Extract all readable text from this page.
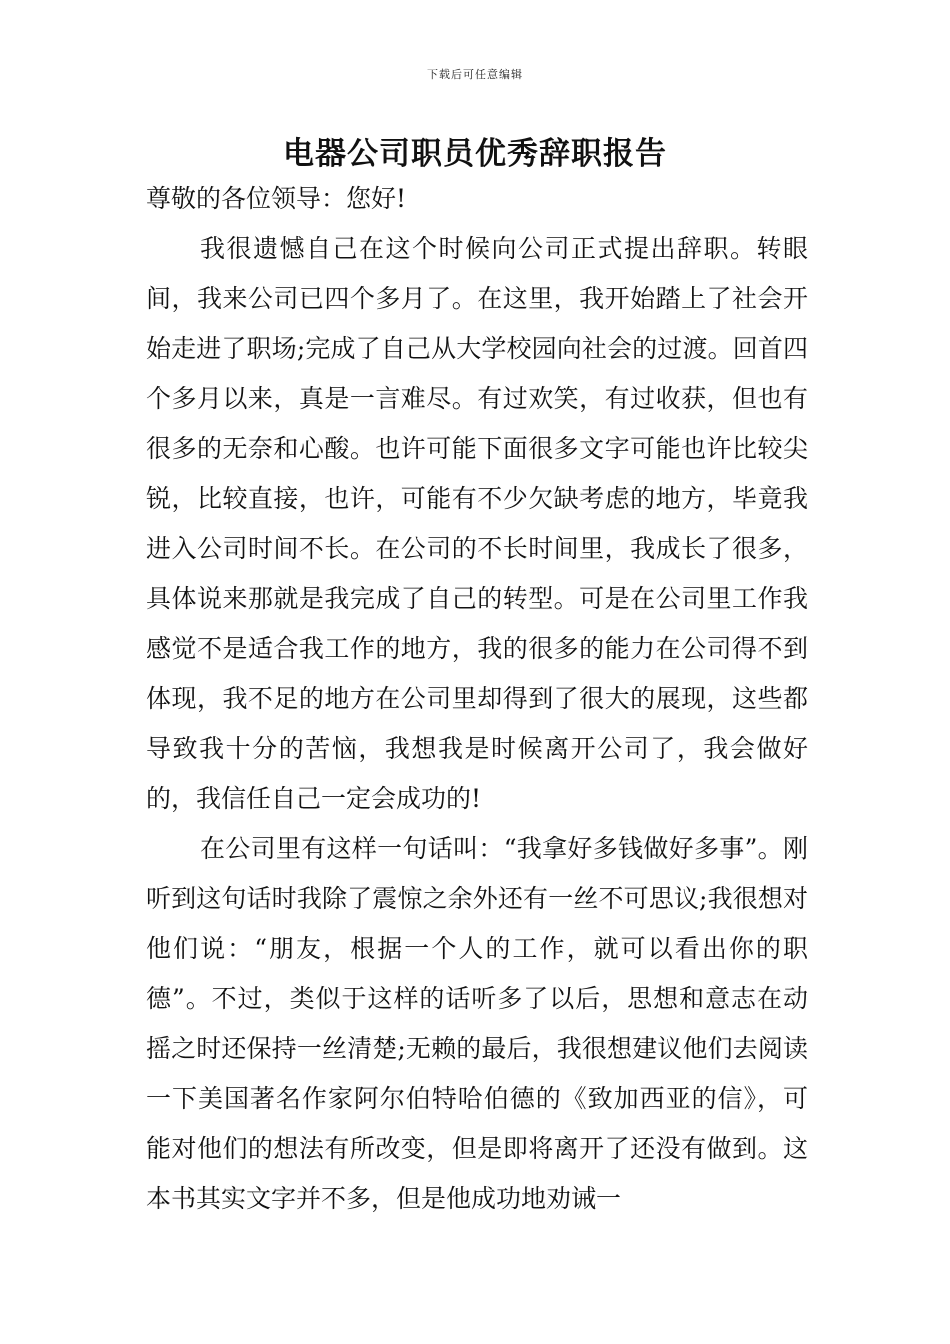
下载后可任意编辑
电器公司职员优秀辞职报告

尊敬的各位领导：您好!

我很遗憾自己在这个时候向公司正式提出辞职。转眼间，我来公司已四个多月了。在这里，我开始踏上了社会开始走进了职场;完成了自己从大学校园向社会的过渡。回首四个多月以来，真是一言难尽。有过欢笑，有过收获，但也有很多的无奈和心酸。也许可能下面很多文字可能也许比较尖锐，比较直接，也许，可能有不少欠缺考虑的地方，毕竟我进入公司时间不长。在公司的不长时间里，我成长了很多，具体说来那就是我完成了自己的转型。可是在公司里工作我感觉不是适合我工作的地方，我的很多的能力在公司得不到体现，我不足的地方在公司里却得到了很大的展现，这些都导致我十分的苦恼，我想我是时候离开公司了，我会做好的，我信任自己一定会成功的!

在公司里有这样一句话叫：“我拿好多钱做好多事”。刚听到这句话时我除了震惊之余外还有一丝不可思议;我很想对他们说：“朋友，根据一个人的工作，就可以看出你的职德”。不过，类似于这样的话听多了以后，思想和意志在动摇之时还保持一丝清楚;无赖的最后，我很想建议他们去阅读一下美国著名作家阿尔伯特哈伯德的《致加西亚的信》，可能对他们的想法有所改变，但是即将离开了还没有做到。这本书其实文字并不多，但是他成功地劝诫一
